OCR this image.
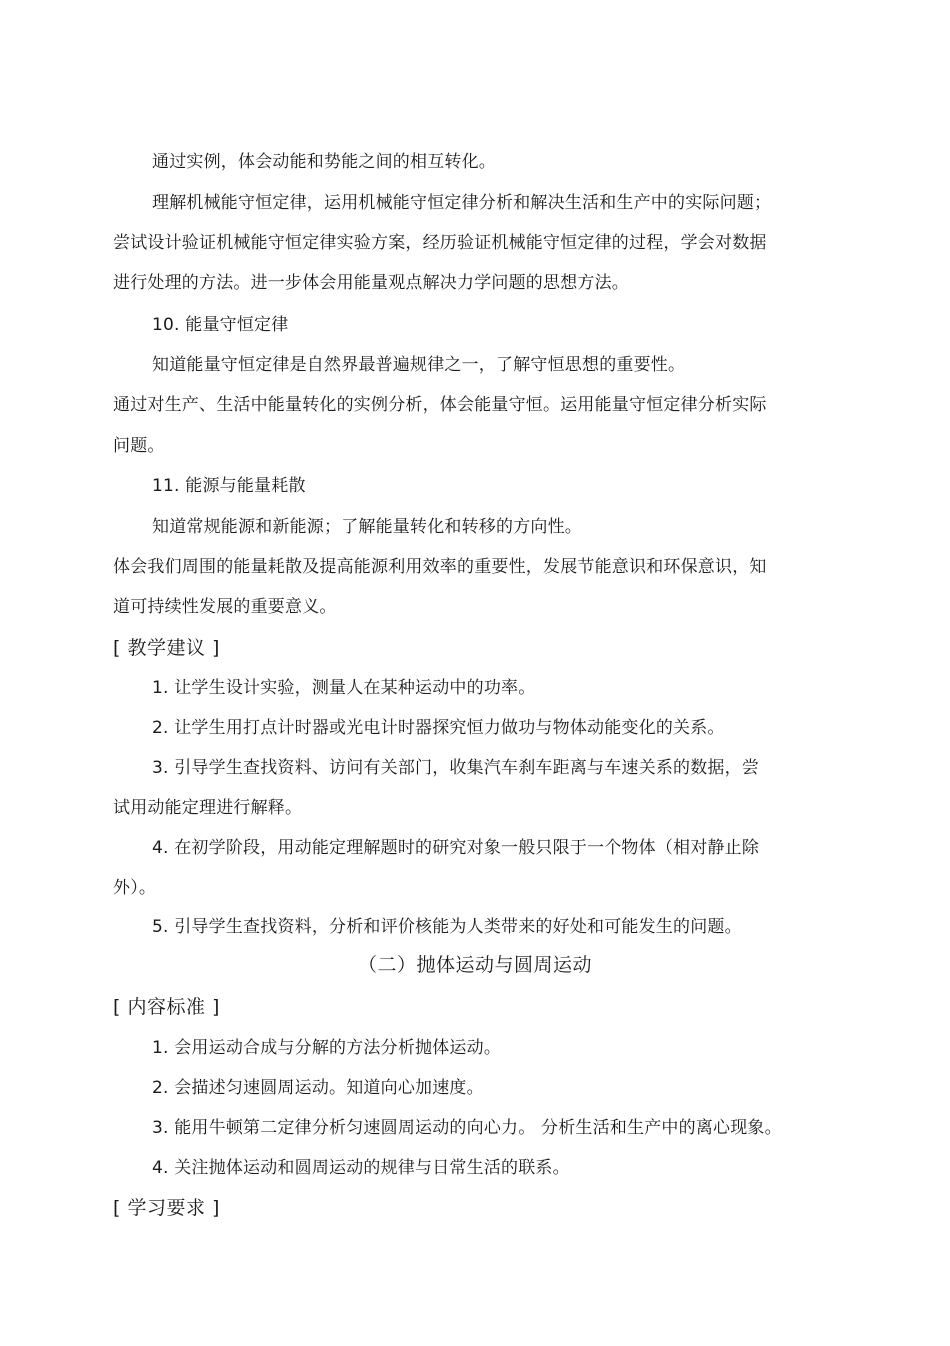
通过实例，体会动能和势能之间的相互转化。
理解机械能守恒定律，运用机械能守恒定律分析和解决生活和生产中的实际问题；
尝试设计验证机械能守恒定律实验方案，经历验证机械能守恒定律的过程，学会对数据
进行处理的方法。进一步体会用能量观点解决力学问题的思想方法。
10. 能量守恒定律
知道能量守恒定律是自然界最普遍规律之一，了解守恒思想的重要性。
通过对生产、生活中能量转化的实例分析，体会能量守恒。运用能量守恒定律分析实际
问题。
11. 能源与能量耗散
知道常规能源和新能源；了解能量转化和转移的方向性。
体会我们周围的能量耗散及提高能源利用效率的重要性，发展节能意识和环保意识，知
道可持续性发展的重要意义。
[ 教学建议 ]
1. 让学生设计实验，测量人在某种运动中的功率。
2. 让学生用打点计时器或光电计时器探究恒力做功与物体动能变化的关系。
3. 引导学生查找资料、访问有关部门，收集汽车刹车距离与车速关系的数据，尝
试用动能定理进行解释。
4. 在初学阶段，用动能定理解题时的研究对象一般只限于一个物体（相对静止除
外）。
5. 引导学生查找资料，分析和评价核能为人类带来的好处和可能发生的问题。
（二）抛体运动与圆周运动
[ 内容标准 ]
1. 会用运动合成与分解的方法分析抛体运动。
2. 会描述匀速圆周运动。知道向心加速度。
3. 能用牛顿第二定律分析匀速圆周运动的向心力。 分析生活和生产中的离心现象。
4. 关注抛体运动和圆周运动的规律与日常生活的联系。
[ 学习要求 ]
